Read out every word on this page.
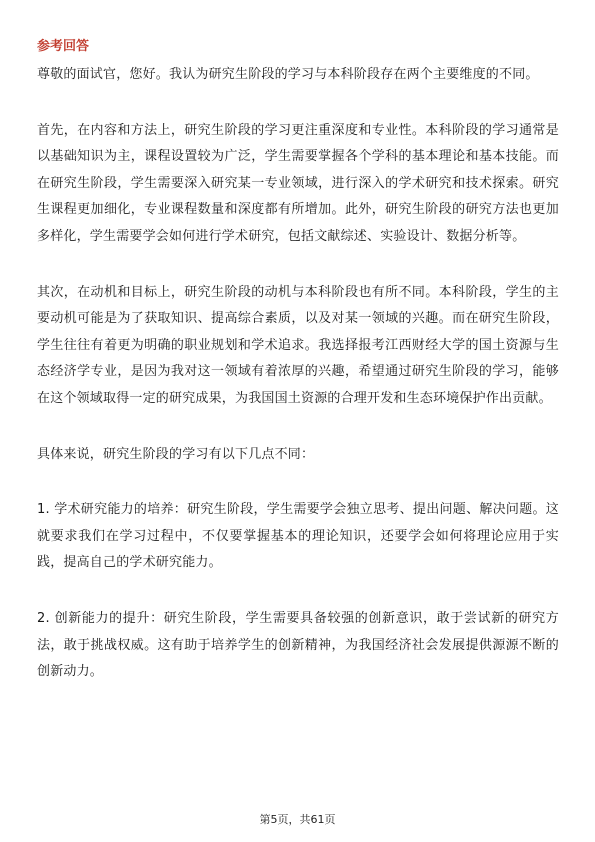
参考回答

尊敬的面试官，您好。我认为研究生阶段的学习与本科阶段存在两个主要维度的不同。

首先，在内容和方法上，研究生阶段的学习更注重深度和专业性。本科阶段的学习通常是以基础知识为主，课程设置较为广泛，学生需要掌握各个学科的基本理论和基本技能。而在研究生阶段，学生需要深入研究某一专业领域，进行深入的学术研究和技术探索。研究生课程更加细化，专业课程数量和深度都有所增加。此外，研究生阶段的研究方法也更加多样化，学生需要学会如何进行学术研究，包括文献综述、实验设计、数据分析等。

其次，在动机和目标上，研究生阶段的动机与本科阶段也有所不同。本科阶段，学生的主要动机可能是为了获取知识、提高综合素质，以及对某一领域的兴趣。而在研究生阶段，学生往往有着更为明确的职业规划和学术追求。我选择报考江西财经大学的国土资源与生态经济学专业，是因为我对这一领域有着浓厚的兴趣，希望通过研究生阶段的学习，能够在这个领域取得一定的研究成果，为我国国土资源的合理开发和生态环境保护作出贡献。

具体来说，研究生阶段的学习有以下几点不同：

1. 学术研究能力的培养：研究生阶段，学生需要学会独立思考、提出问题、解决问题。这就要求我们在学习过程中，不仅要掌握基本的理论知识，还要学会如何将理论应用于实践，提高自己的学术研究能力。

2. 创新能力的提升：研究生阶段，学生需要具备较强的创新意识，敢于尝试新的研究方法，敢于挑战权威。这有助于培养学生的创新精神，为我国经济社会发展提供源源不断的创新动力。

第5页，共61页
